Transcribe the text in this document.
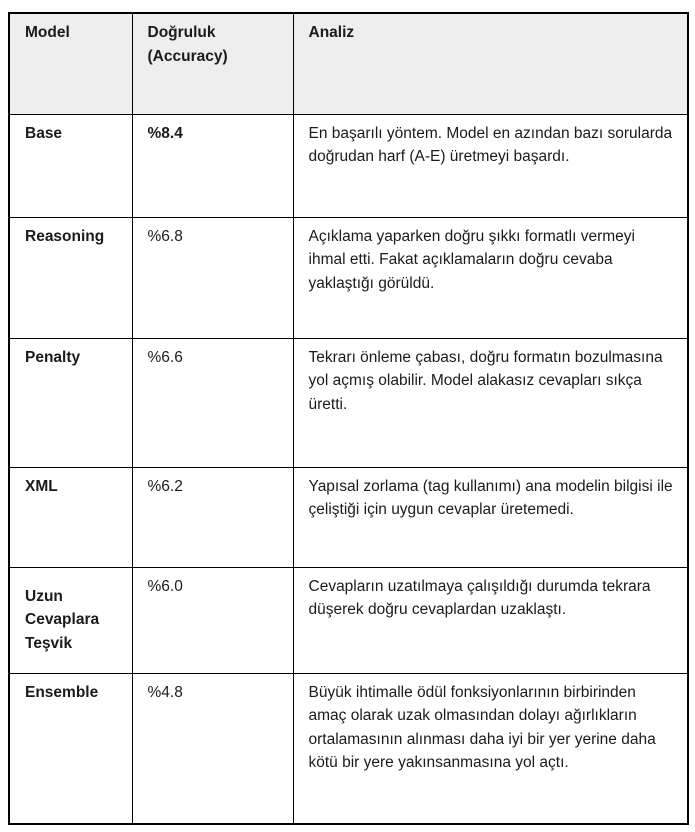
Model	Doğruluk (Accuracy)	Analiz
Base	%8.4	En başarılı yöntem. Model en azından bazı sorularda doğrudan harf (A-E) üretmeyi başardı.
Reasoning	%6.8	Açıklama yaparken doğru şıkkı formatlı vermeyi ihmal etti. Fakat açıklamaların doğru cevaba yaklaştığı görüldü.
Penalty	%6.6	Tekrarı önleme çabası, doğru formatın bozulmasına yol açmış olabilir. Model alakasız cevapları sıkça üretti.
XML	%6.2	Yapısal zorlama (tag kullanımı) ana modelin bilgisi ile çeliştiği için uygun cevaplar üretemedi.
Uzun Cevaplara Teşvik	%6.0	Cevapların uzatılmaya çalışıldığı durumda tekrara düşerek doğru cevaplardan uzaklaştı.
Ensemble	%4.8	Büyük ihtimalle ödül fonksiyonlarının birbirinden amaç olarak uzak olmasından dolayı ağırlıkların ortalamasının alınması daha iyi bir yer yerine daha kötü bir yere yakınsanmasına yol açtı.
